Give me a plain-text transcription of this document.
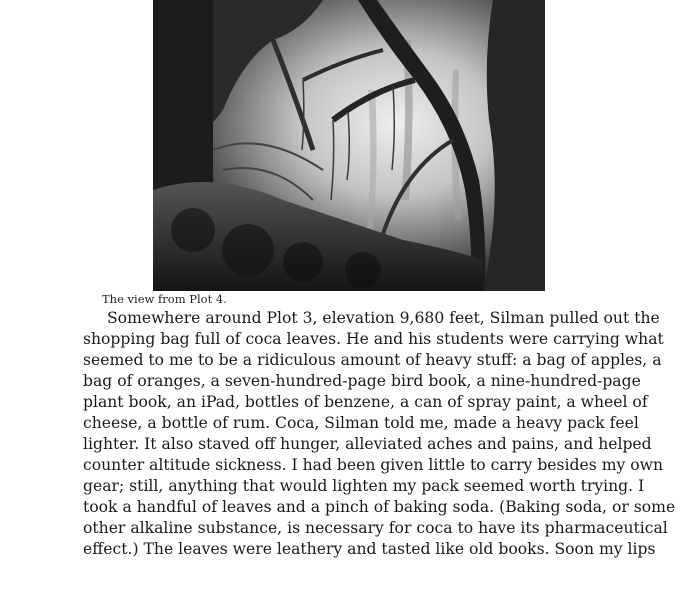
The view from Plot 4.
Somewhere around Plot 3, elevation 9,680 feet, Silman pulled out the
shopping bag full of coca leaves. He and his students were carrying what
seemed to me to be a ridiculous amount of heavy stuff: a bag of apples, a
bag of oranges, a seven-hundred-page bird book, a nine-hundred-page
plant book, an iPad, bottles of benzene, a can of spray paint, a wheel of
cheese, a bottle of rum. Coca, Silman told me, made a heavy pack feel
lighter. It also staved off hunger, alleviated aches and pains, and helped
counter altitude sickness. I had been given little to carry besides my own
gear; still, anything that would lighten my pack seemed worth trying. I
took a handful of leaves and a pinch of baking soda. (Baking soda, or some
other alkaline substance, is necessary for coca to have its pharmaceutical
effect.) The leaves were leathery and tasted like old books. Soon my lips
